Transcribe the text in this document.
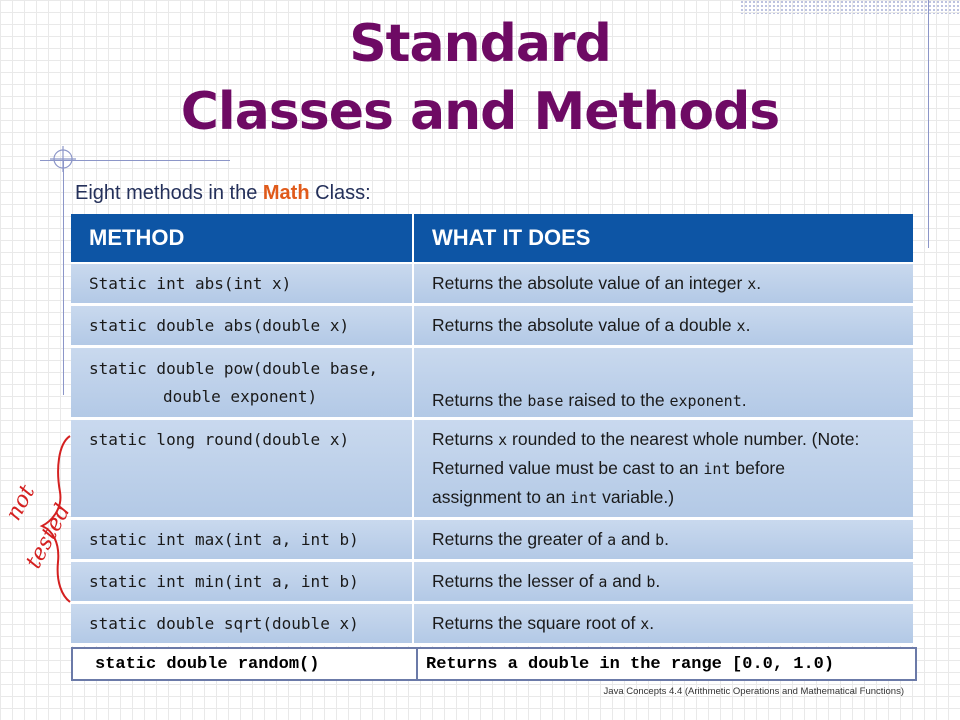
Standard
Classes and Methods
Eight methods in the Math Class:
METHOD	WHAT IT DOES
Static int abs(int x)	Returns the absolute value of an integer
x .
static double abs(double x)	Returns the absolute value of a double
x .
static double pow(double base,
double exponent)	Returns the base raised to the exponent.
static long round(double x)	Returns x rounded to the nearest whole number. (Note:
Returned value must be cast to an int before
assignment to an int variable.)
static int max(int a, int b)	Returns the greater of
a
and
b .
static int min(int a, int b)	Returns the lesser of
a
and
b .
static double sqrt(double x)	Returns the square root of
x .
static double random()	Returns a double in the range [0.0, 1.0)
Java Concepts 4.4 (Arithmetic Operations and Mathematical Functions)
not
tested
